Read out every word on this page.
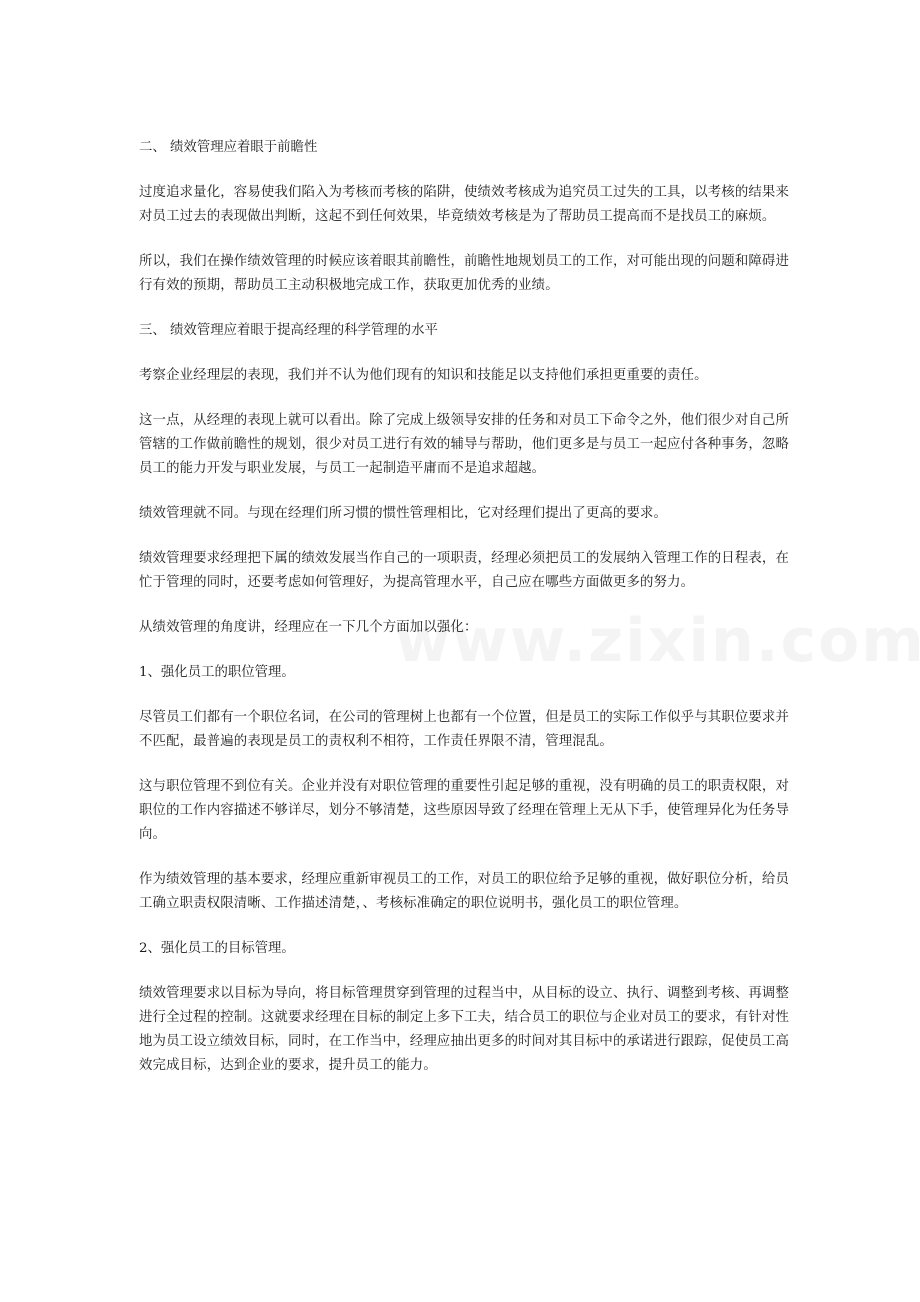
二、 绩效管理应着眼于前瞻性

过度追求量化，容易使我们陷入为考核而考核的陷阱，使绩效考核成为追究员工过失的工具，以考核的结果来对员工过去的表现做出判断，这起不到任何效果，毕竟绩效考核是为了帮助员工提高而不是找员工的麻烦。

所以，我们在操作绩效管理的时候应该着眼其前瞻性，前瞻性地规划员工的工作，对可能出现的问题和障碍进行有效的预期，帮助员工主动积极地完成工作，获取更加优秀的业绩。

三、 绩效管理应着眼于提高经理的科学管理的水平

考察企业经理层的表现，我们并不认为他们现有的知识和技能足以支持他们承担更重要的责任。

这一点，从经理的表现上就可以看出。除了完成上级领导安排的任务和对员工下命令之外，他们很少对自己所管辖的工作做前瞻性的规划，很少对员工进行有效的辅导与帮助，他们更多是与员工一起应付各种事务，忽略员工的能力开发与职业发展，与员工一起制造平庸而不是追求超越。

绩效管理就不同。与现在经理们所习惯的惯性管理相比，它对经理们提出了更高的要求。

绩效管理要求经理把下属的绩效发展当作自己的一项职责，经理必须把员工的发展纳入管理工作的日程表，在忙于管理的同时，还要考虑如何管理好，为提高管理水平，自己应在哪些方面做更多的努力。

从绩效管理的角度讲，经理应在一下几个方面加以强化：

1、强化员工的职位管理。

尽管员工们都有一个职位名词，在公司的管理树上也都有一个位置，但是员工的实际工作似乎与其职位要求并不匹配，最普遍的表现是员工的责权利不相符，工作责任界限不清，管理混乱。

这与职位管理不到位有关。企业并没有对职位管理的重要性引起足够的重视，没有明确的员工的职责权限，对职位的工作内容描述不够详尽，划分不够清楚，这些原因导致了经理在管理上无从下手，使管理异化为任务导向。

作为绩效管理的基本要求，经理应重新审视员工的工作，对员工的职位给予足够的重视，做好职位分析，给员工确立职责权限清晰、工作描述清楚，、考核标准确定的职位说明书，强化员工的职位管理。

2、强化员工的目标管理。

绩效管理要求以目标为导向，将目标管理贯穿到管理的过程当中，从目标的设立、执行、调整到考核、再调整进行全过程的控制。这就要求经理在目标的制定上多下工夫，结合员工的职位与企业对员工的要求，有针对性地为员工设立绩效目标，同时，在工作当中，经理应抽出更多的时间对其目标中的承诺进行跟踪，促使员工高效完成目标，达到企业的要求，提升员工的能力。
